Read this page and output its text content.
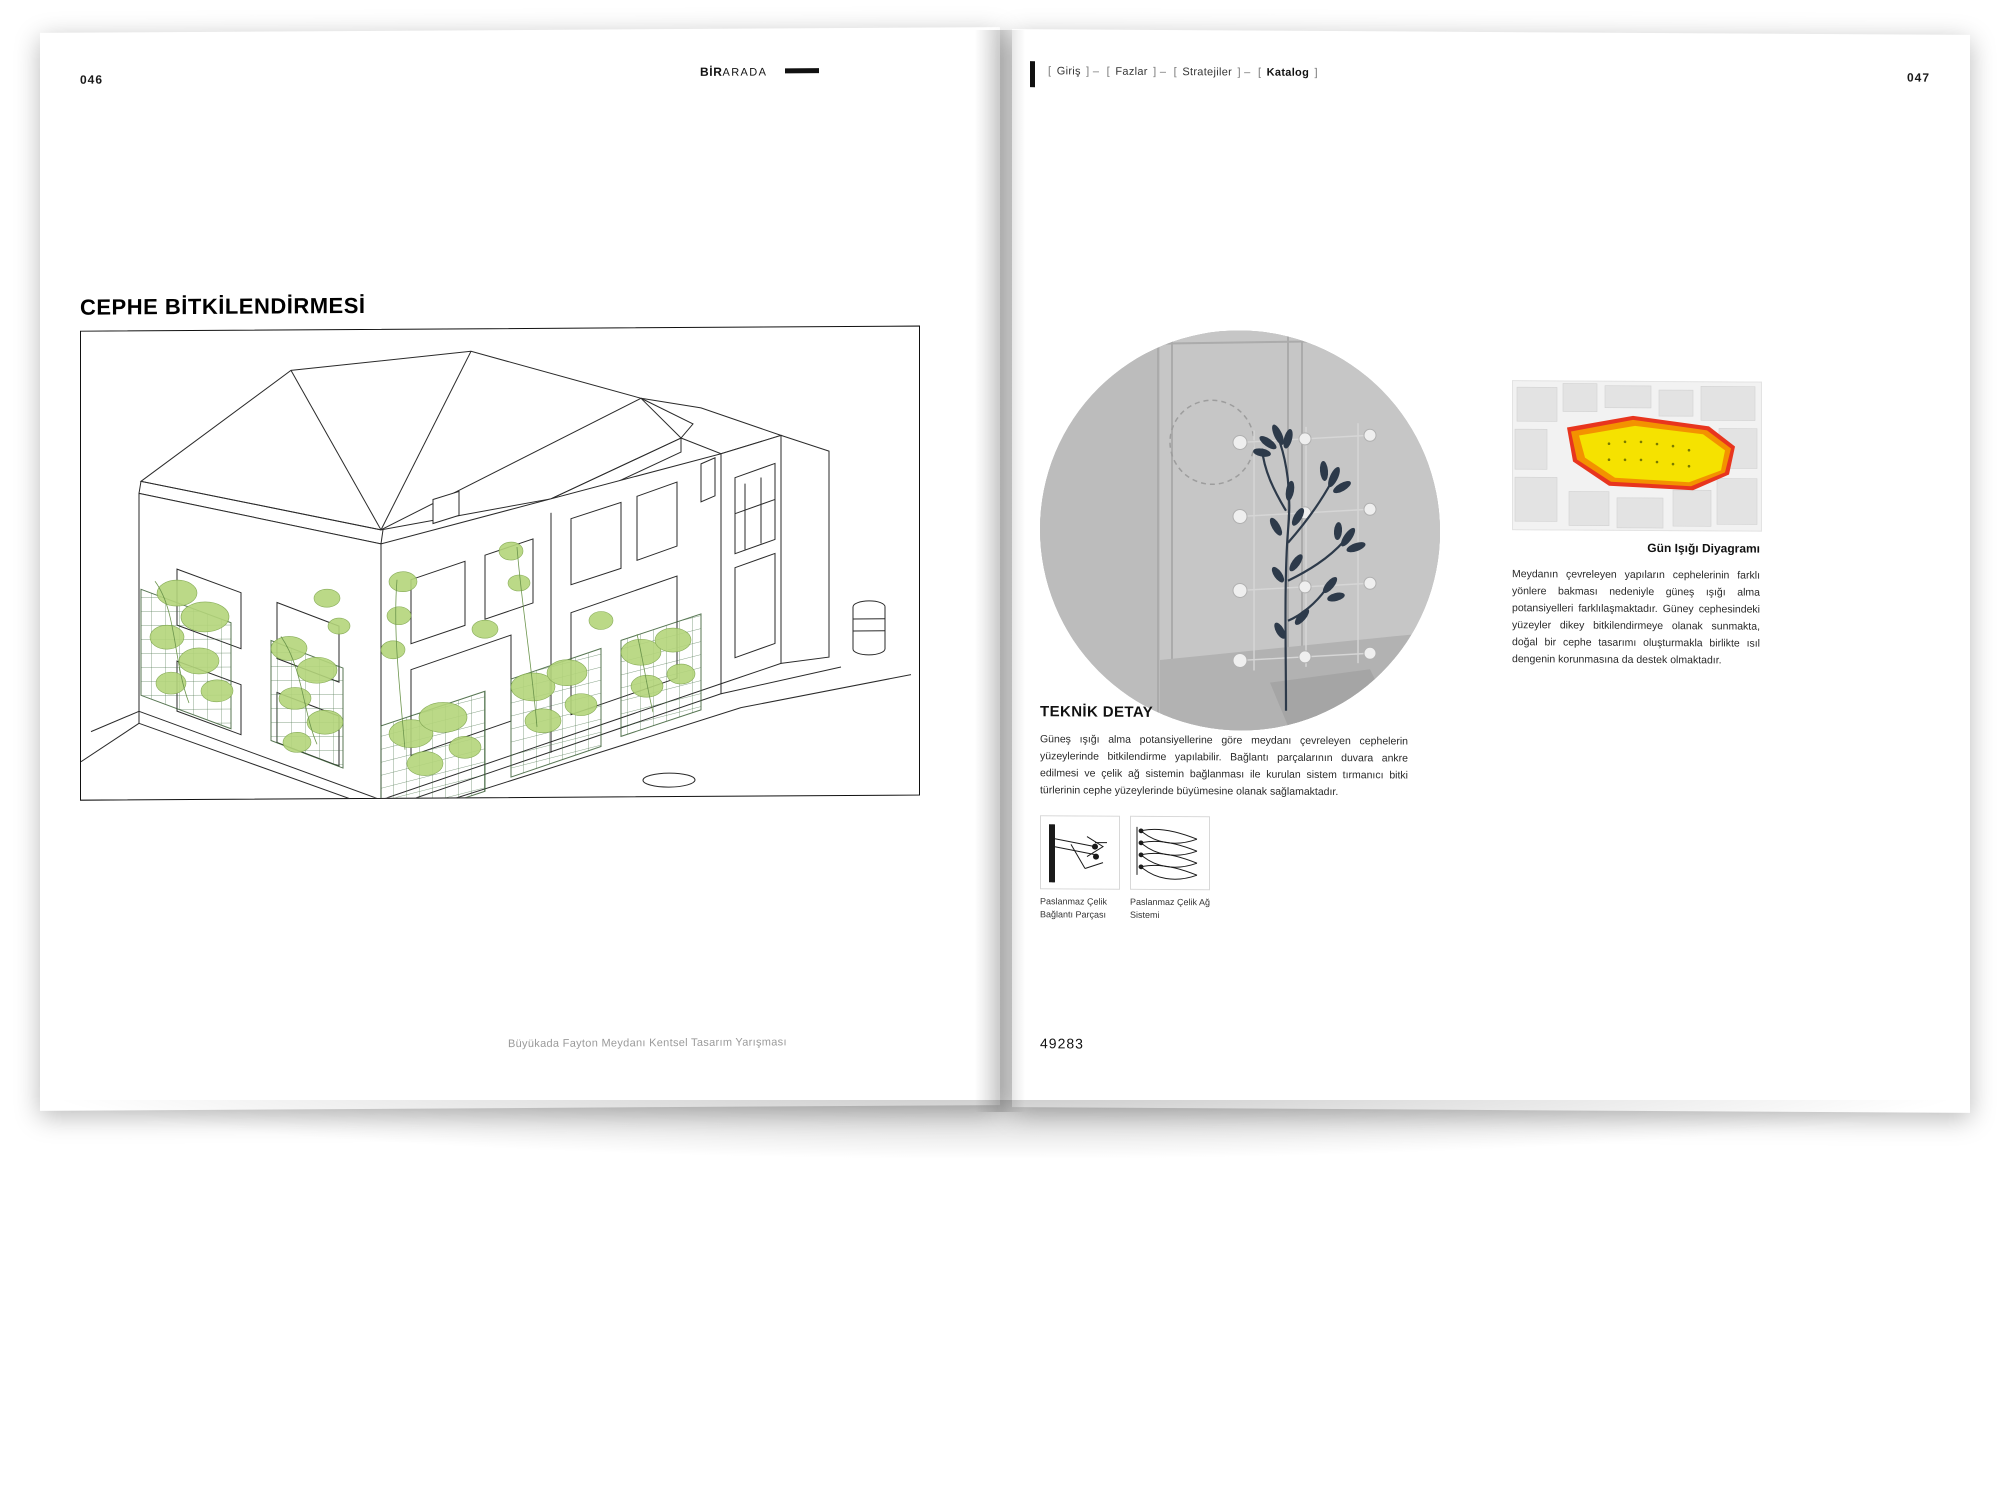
046
BİRARADA
CEPHE BİTKİLENDİRMESİ
Büyükada Fayton Meydanı Kentsel Tasarım Yarışması
[ Giriş ] – [ Fazlar ] – [ Stratejiler ] – [ Katalog ]	047
Gün Işığı Diyagramı
Meydanın çevreleyen yapıların cephelerinin farklı yönlere bakması nedeniyle güneş ışığı alma potansiyelleri farklılaşmaktadır. Güney cephesindeki yüzeyler dikey bitkilendirmeye olanak sunmakta, doğal bir cephe tasarımı oluşturmakla birlikte ısıl dengenin korunmasına da destek olmaktadır.
TEKNİK DETAY
Güneş ışığı alma potansiyellerine göre meydanı çevreleyen cephelerin yüzeylerinde bitkilendirme yapılabilir. Bağlantı parçalarının duvara ankre edilmesi ve çelik ağ sistemin bağlanması ile kurulan sistem tırmanıcı bitki türlerinin cephe yüzeylerinde büyümesine olanak sağlamaktadır.
Paslanmaz Çelik
Bağlantı Parçası
Paslanmaz Çelik Ağ
Sistemi
49283
